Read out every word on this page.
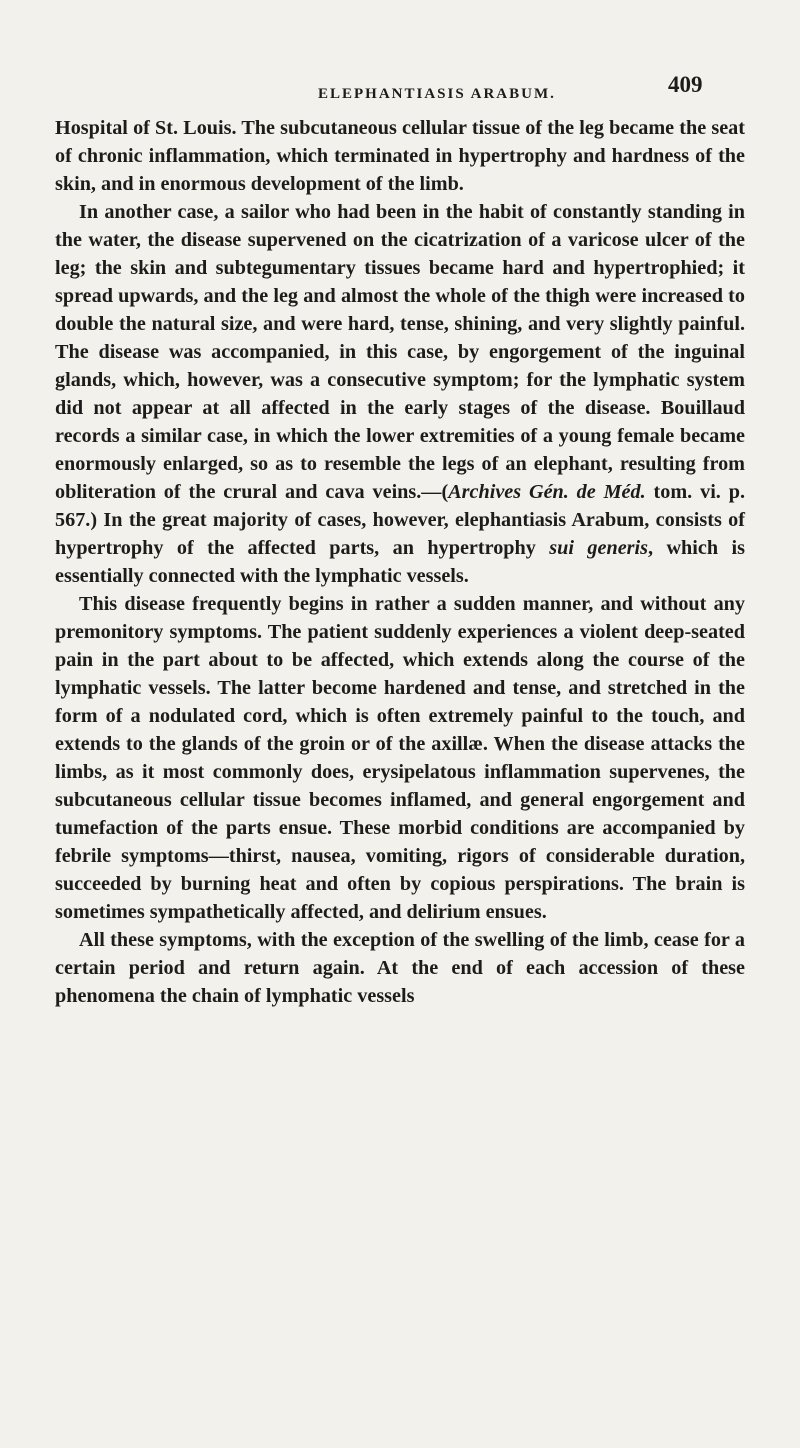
ELEPHANTIASIS ARABUM.	409

Hospital of St. Louis. The subcutaneous cellular tissue of the leg became the seat of chronic inflammation, which terminated in hypertrophy and hardness of the skin, and in enormous development of the limb.

In another case, a sailor who had been in the habit of constantly standing in the water, the disease supervened on the cicatrization of a varicose ulcer of the leg; the skin and subtegumentary tissues became hard and hypertrophied; it spread upwards, and the leg and almost the whole of the thigh were increased to double the natural size, and were hard, tense, shining, and very slightly painful. The disease was accompanied, in this case, by engorgement of the inguinal glands, which, however, was a consecutive symptom; for the lymphatic system did not appear at all affected in the early stages of the disease. Bouillaud records a similar case, in which the lower extremities of a young female became enormously enlarged, so as to resemble the legs of an elephant, resulting from obliteration of the crural and cava veins.—(Archives Gén. de Méd. tom. vi. p. 567.) In the great majority of cases, however, elephantiasis Arabum, consists of hypertrophy of the affected parts, an hypertrophy sui generis, which is essentially connected with the lymphatic vessels.

This disease frequently begins in rather a sudden manner, and without any premonitory symptoms. The patient suddenly experiences a violent deep-seated pain in the part about to be affected, which extends along the course of the lymphatic vessels. The latter become hardened and tense, and stretched in the form of a nodulated cord, which is often extremely painful to the touch, and extends to the glands of the groin or of the axillæ. When the disease attacks the limbs, as it most commonly does, erysipelatous inflammation supervenes, the subcutaneous cellular tissue becomes inflamed, and general engorgement and tumefaction of the parts ensue. These morbid conditions are accompanied by febrile symptoms—thirst, nausea, vomiting, rigors of considerable duration, succeeded by burning heat and often by copious perspirations. The brain is sometimes sympathetically affected, and delirium ensues.

All these symptoms, with the exception of the swelling of the limb, cease for a certain period and return again. At the end of each accession of these phenomena the chain of lymphatic vessels
